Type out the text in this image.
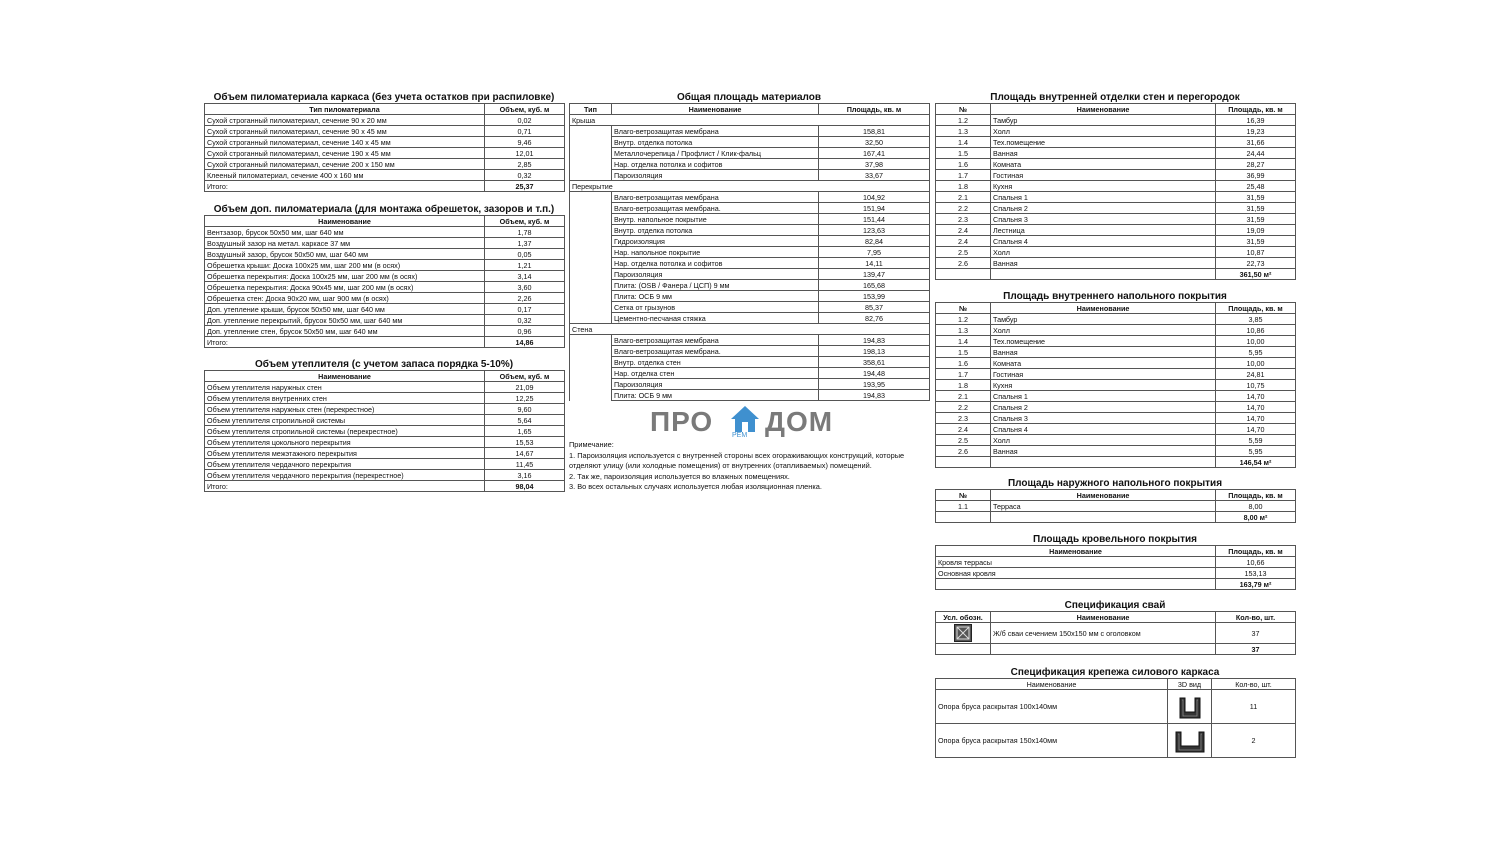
Объем пиломатериала каркаса (без учета остатков при распиловке)
Тип пиломатериала	Объем, куб. м
Сухой строганный пиломатериал, сечение 90 х 20 мм	0,02
Сухой строганный пиломатериал, сечение 90 х 45 мм	0,71
Сухой строганный пиломатериал, сечение 140 х 45 мм	9,46
Сухой строганный пиломатериал, сечение 190 х 45 мм	12,01
Сухой строганный пиломатериал, сечение 200 х 150 мм	2,85
Клееный пиломатериал, сечение 400 х 160 мм	0,32
Итого:	25,37
Объем доп. пиломатериала (для монтажа обрешеток, зазоров и т.п.)
Наименование	Объем, куб. м
Вентзазор, брусок 50х50 мм, шаг 640 мм	1,78
Воздушный зазор на метал. каркасе 37 мм	1,37
Воздушный зазор, брусок 50х50 мм, шаг 640 мм	0,05
Обрешетка крыши: Доска 100х25 мм, шаг 200 мм (в осях)	1,21
Обрешетка перекрытия: Доска 100х25 мм, шаг 200 мм (в осях)	3,14
Обрешетка перекрытия: Доска 90х45 мм, шаг 200 мм (в осях)	3,60
Обрешетка стен: Доска 90х20 мм, шаг 900 мм (в осях)	2,26
Доп. утепление крыши, брусок 50х50 мм, шаг 640 мм	0,17
Доп. утепление перекрытий, брусок 50х50 мм, шаг 640 мм	0,32
Доп. утепление стен, брусок 50х50 мм, шаг 640 мм	0,96
Итого:	14,86
Объем утеплителя (с учетом запаса порядка 5-10%)
Наименование	Объем, куб. м
Объем утеплителя наружных стен	21,09
Объем утеплителя внутренних стен	12,25
Объем утеплителя наружных стен (перекрестное)	9,60
Объем утеплителя стропильной системы	5,64
Объем утеплителя стропильной системы (перекрестное)	1,65
Объем утеплителя цокольного перекрытия	15,53
Объем утеплителя межэтажного перекрытия	14,67
Объем утеплителя чердачного перекрытия	11,45
Объем утеплителя чердачного перекрытия (перекрестное)	3,16
Итого:	98,04
Общая площадь материалов
Тип	Наименование	Площадь, кв. м
Крыша		
	Влаго-ветрозащитая мембрана	158,81
	Внутр. отделка потолка	32,50
	Металлочерепица / Профлист / Клик-фальц	167,41
	Нар. отделка потолка и софитов	37,98
	Пароизоляция	33,67
Перекрытие		
	Влаго-ветрозащитая мембрана	104,92
	Влаго-ветрозащитая мембрана.	151,94
	Внутр. напольное покрытие	151,44
	Внутр. отделка потолка	123,63
	Гидроизоляция	82,84
	Нар. напольное покрытие	7,95
	Нар. отделка потолка и софитов	14,11
	Пароизоляция	139,47
	Плита: (OSB / Фанера / ЦСП) 9 мм	165,68
	Плита: ОСБ 9 мм	153,99
	Сетка от грызунов	85,37
	Цементно-песчаная стяжка	82,76
Стена		
	Влаго-ветрозащитая мембрана	194,83
	Влаго-ветрозащитая мембрана.	198,13
	Внутр. отделка стен	358,61
	Нар. отделка стен	194,48
	Пароизоляция	193,95
	Плита: ОСБ 9 мм	194,83
ПРО	РЕМ ДОМ
Примечание:
1. Пароизоляция используется с внутренней стороны всех огораживающих конструкций, которые
отделяют улицу (или холодные помещения) от внутренних (отапливаемых) помещений.
2. Так же, пароизоляция используется во влажных помещениях.
3. Во всех остальных случаях используется любая изоляционная пленка.
Площадь внутренней отделки стен и перегородок
№	Наименование	Площадь, кв. м
1.2	Тамбур	16,39
1.3	Холл	19,23
1.4	Тех.помещение	31,66
1.5	Ванная	24,44
1.6	Комната	28,27
1.7	Гостиная	36,99
1.8	Кухня	25,48
2.1	Спальня 1	31,59
2.2	Спальня 2	31,59
2.3	Спальня 3	31,59
2.4	Лестница	19,09
2.4	Спальня 4	31,59
2.5	Холл	10,87
2.6	Ванная	22,73
		361,50 м²
Площадь внутреннего напольного покрытия
№	Наименование	Площадь, кв. м
1.2	Тамбур	3,85
1.3	Холл	10,86
1.4	Тех.помещение	10,00
1.5	Ванная	5,95
1.6	Комната	10,00
1.7	Гостиная	24,81
1.8	Кухня	10,75
2.1	Спальня 1	14,70
2.2	Спальня 2	14,70
2.3	Спальня 3	14,70
2.4	Спальня 4	14,70
2.5	Холл	5,59
2.6	Ванная	5,95
		146,54 м²
Площадь наружного напольного покрытия
№	Наименование	Площадь, кв. м
1.1	Терраса	8,00
		8,00 м²
Площадь кровельного покрытия
Наименование	Площадь, кв. м
Кровля террасы	10,66
Основная кровля	153,13
	163,79 м²
Спецификация свай
Усл. обозн.	Наименование	Кол-во, шт.

	Ж/б сваи сечением 150х150 мм с оголовком	37
		37
Спецификация крепежа силового каркаса
Наименование	3D вид	Кол-во, шт.
Опора бруса раскрытая 100х140мм		11
Опора бруса раскрытая 150х140мм		2
